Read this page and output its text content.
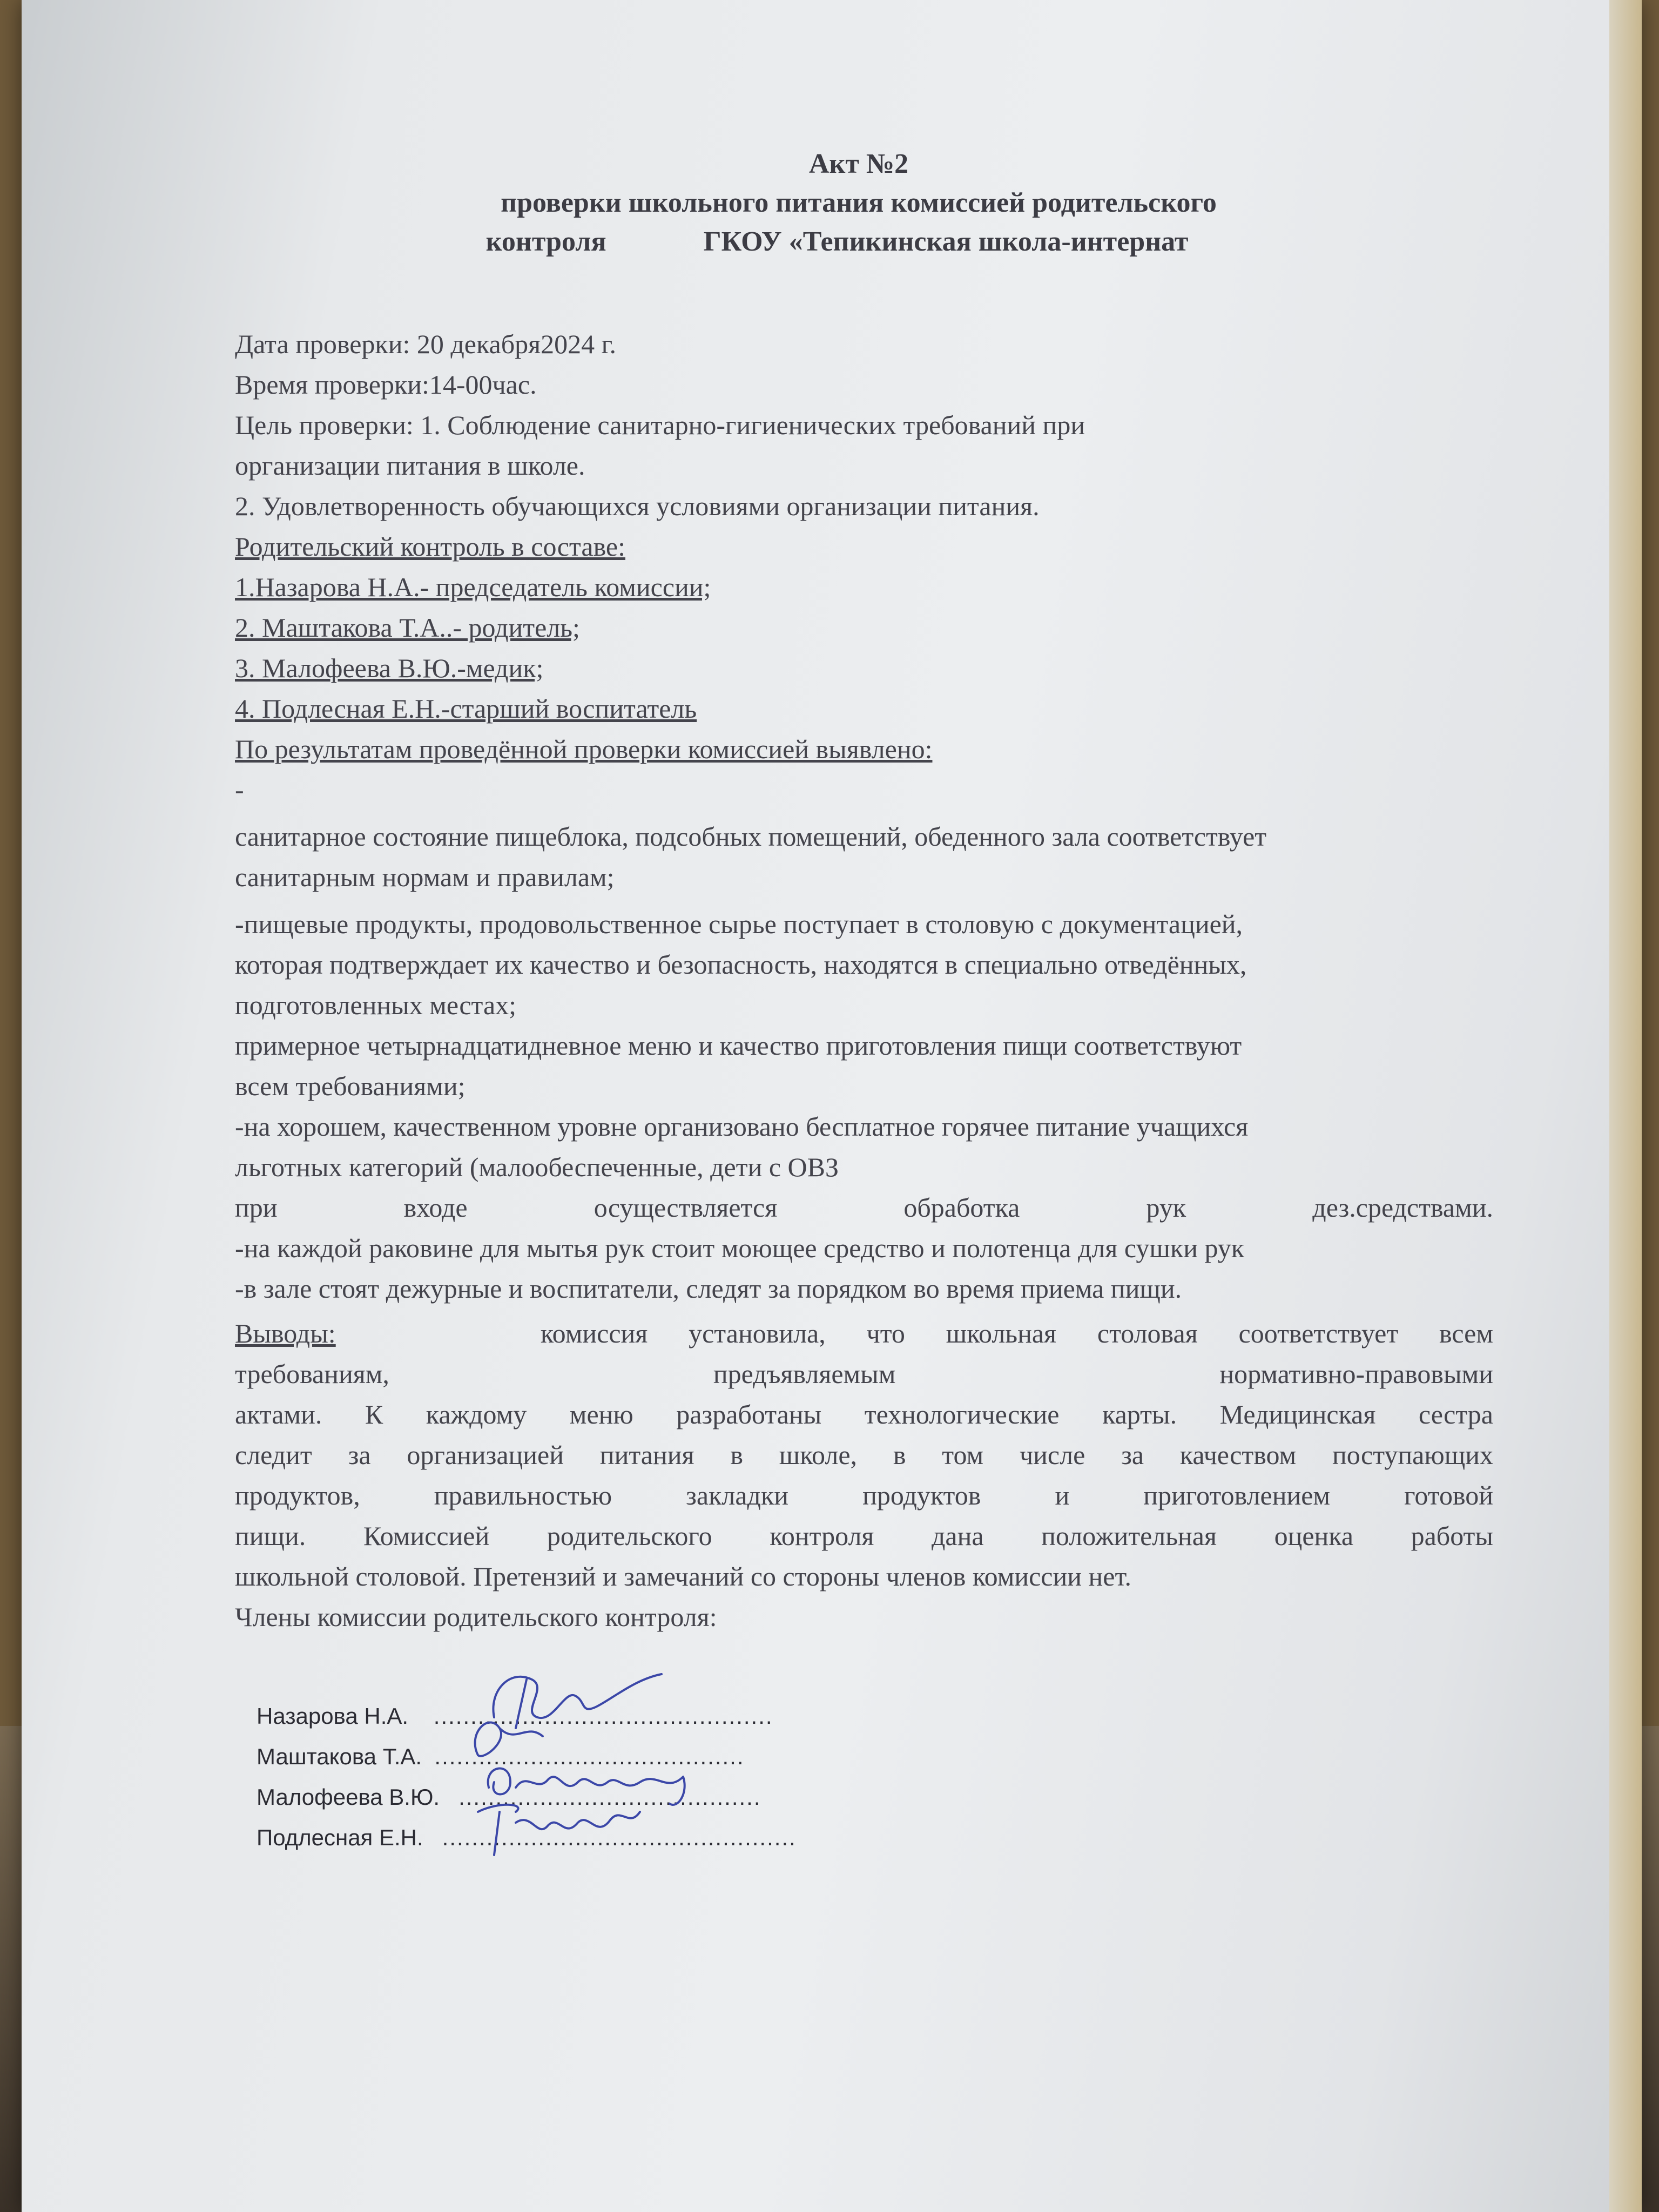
Акт №2
проверки школьного питания комиссией родительского
контроля	ГКОУ «Тепикинская школа-интернат

Дата проверки: 20 декабря2024 г.

Время проверки:14-00час.

Цель проверки: 1. Соблюдение санитарно-гигиенических требований при

организации питания в школе.

2. Удовлетворенность обучающихся условиями организации питания.

Родительский контроль в составе:

1.Назарова Н.А.- председатель комиссии;

2. Маштакова Т.А..- родитель;

3. Малофеева В.Ю.-медик;

4. Подлесная Е.Н.-старший воспитатель

По результатам проведённой проверки комиссией выявлено:

-

санитарное состояние пищеблока, подсобных помещений, обеденного зала соответствует

санитарным нормам и правилам;

-пищевые продукты, продовольственное сырье поступает в столовую с документацией,

которая подтверждает их качество и безопасность, находятся в специально отведённых,

подготовленных местах;

примерное четырнадцатидневное меню и качество приготовления пищи соответствуют

всем требованиями;

-на хорошем, качественном уровне организовано бесплатное горячее питание учащихся

льготных категорий (малообеспеченные, дети с ОВЗ

при входе осуществляется обработка рук дез.средствами.

-на каждой раковине для мытья рук стоит моющее средство и полотенца для сушки рук

-в зале стоят дежурные и воспитатели, следят за порядком во время приема пищи.

Выводы:	комиссия установила, что школьная столовая соответствует всем

требованиям, предъявляемым нормативно-правовыми

актами. К каждому меню разработаны технологические карты. Медицинская сестра

следит за организацией питания в школе, в том числе за качеством поступающих

продуктов, правильностью закладки продуктов и приготовлением готовой

пищи. Комиссией родительского контроля дана положительная оценка работы

школьной столовой. Претензий и замечаний со стороны членов комиссии нет.

Члены комиссии родительского контроля:

Назарова Н.А. ..............................................
Маштакова Т.А. ..........................................
Малофеева В.Ю. .........................................
Подлесная Е.Н. ................................................
